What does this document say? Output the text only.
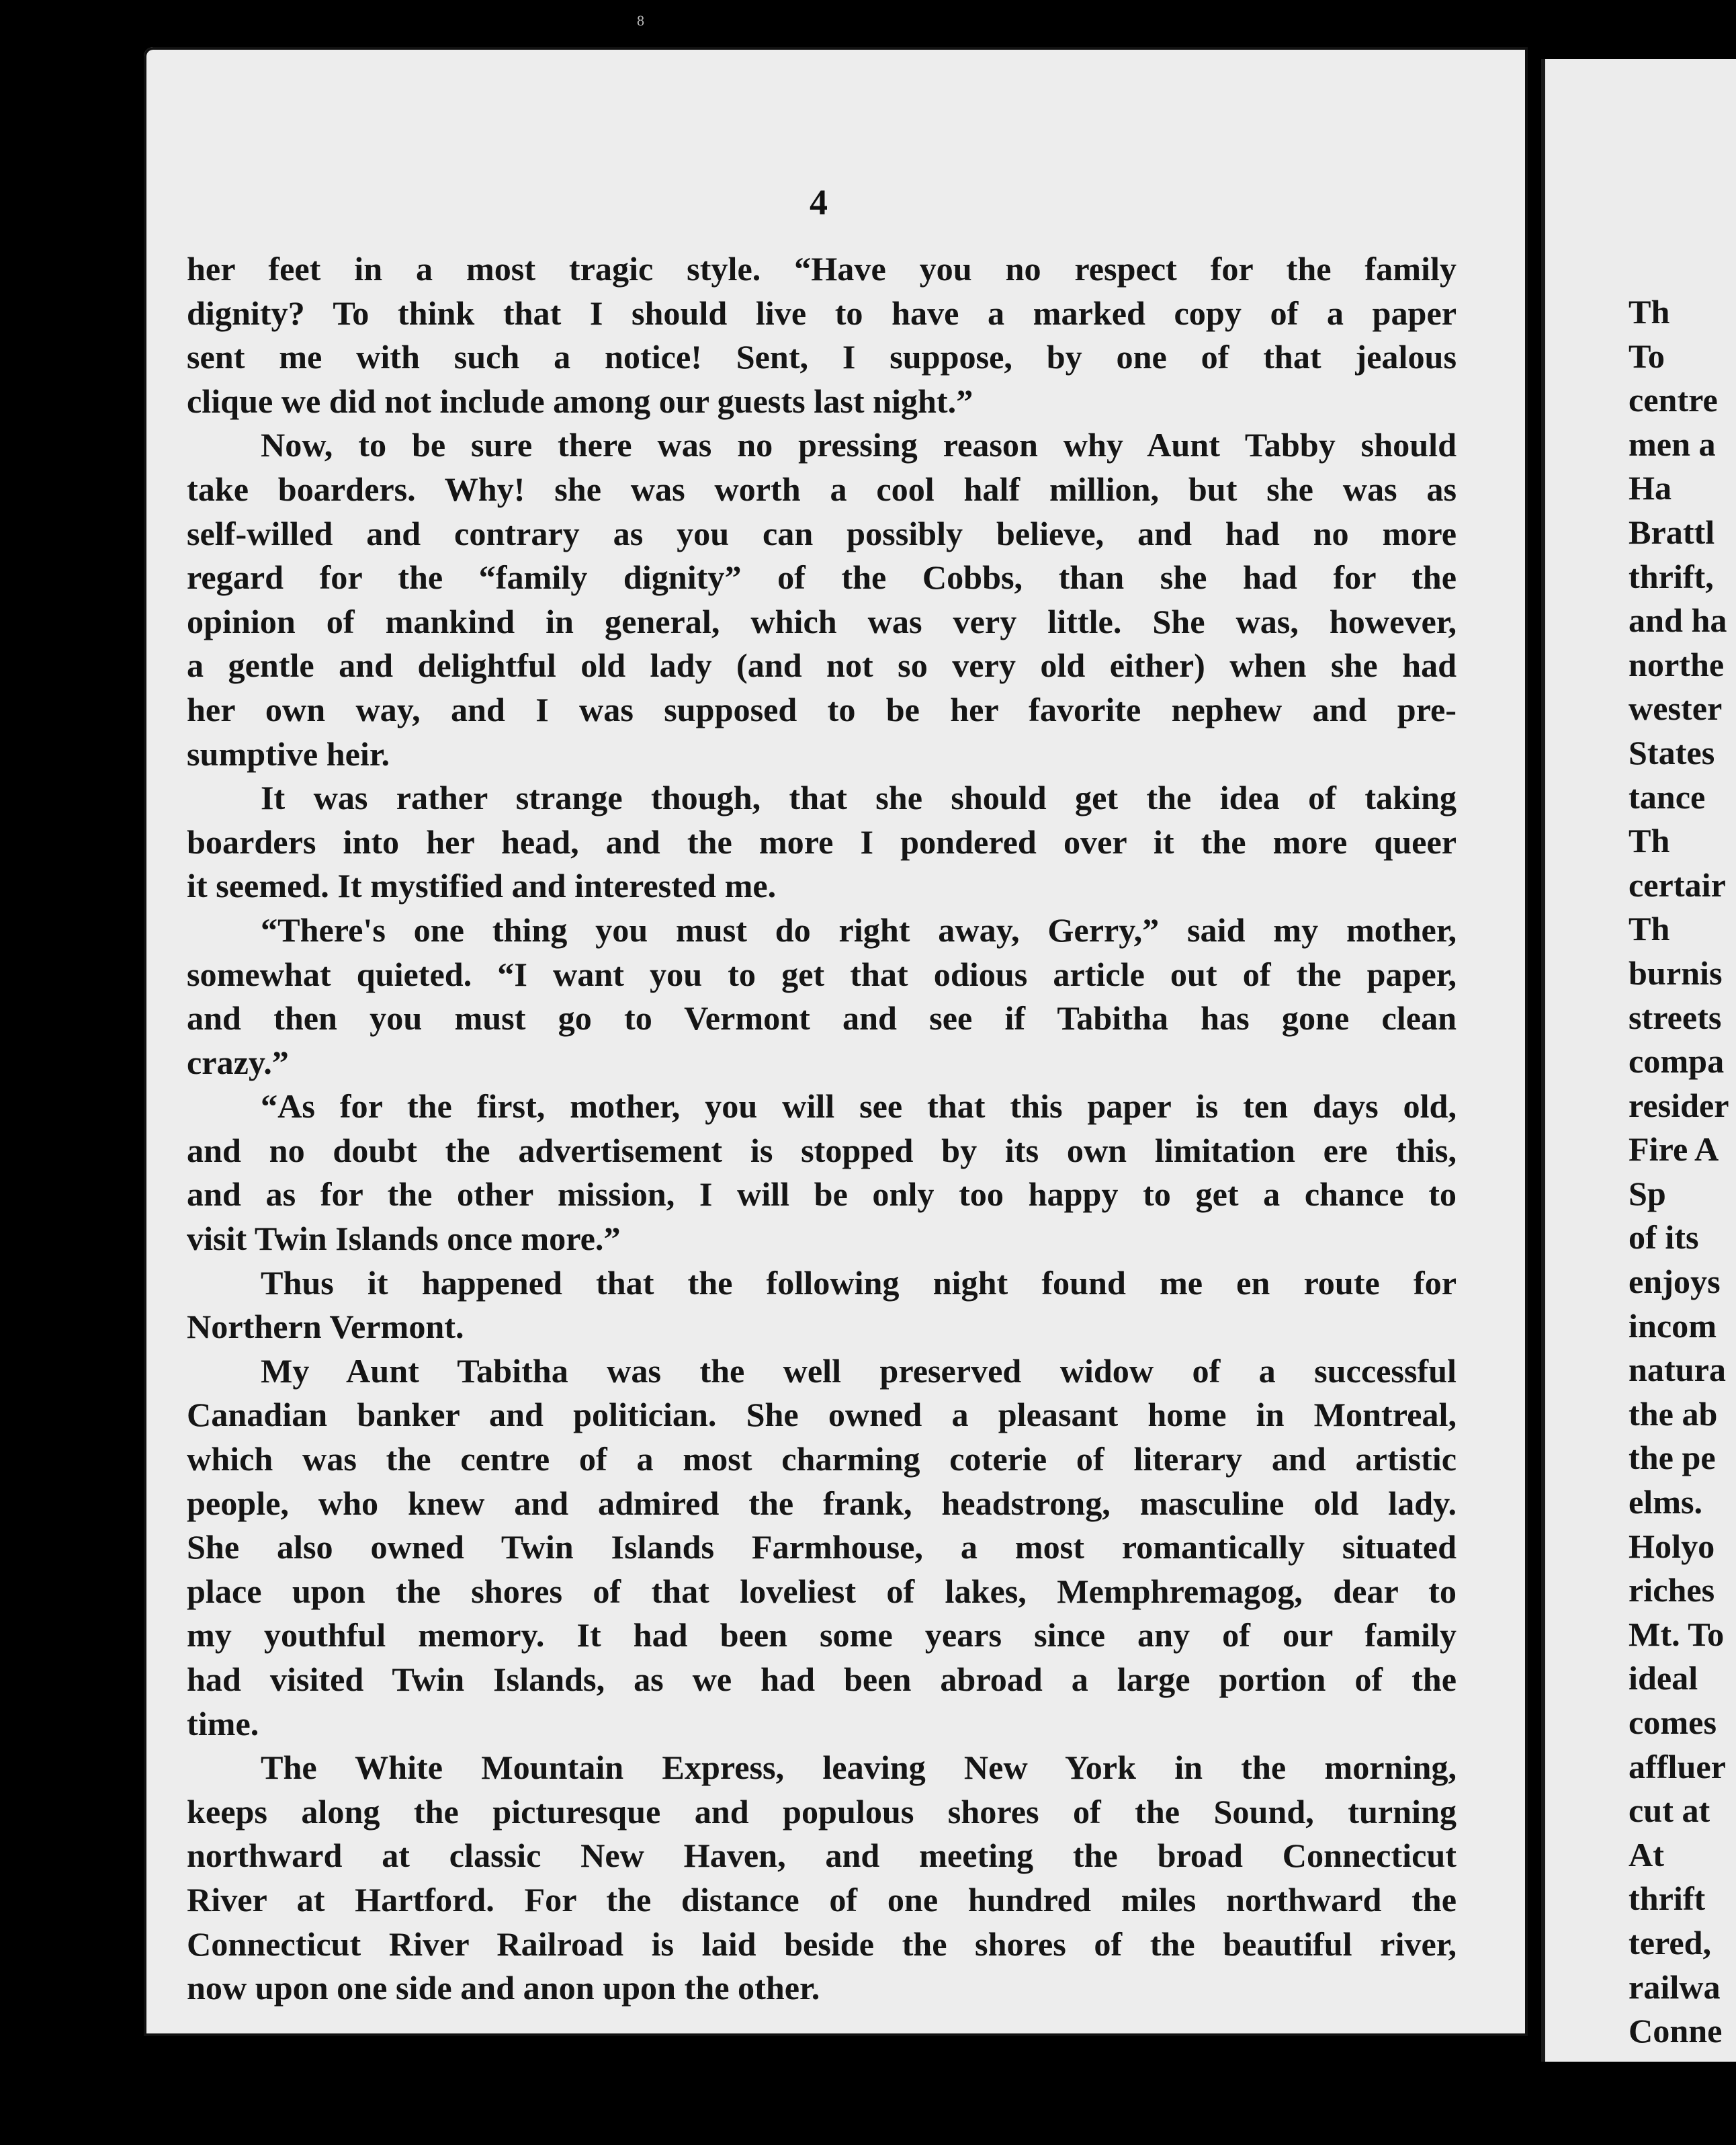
8
4
her feet in a most tragic style. “Have you no respect for the family
dignity? To think that I should live to have a marked copy of a paper
sent me with such a notice! Sent, I suppose, by one of that jealous
clique we did not include among our guests last night.”
Now, to be sure there was no pressing reason why Aunt Tabby should
take boarders. Why! she was worth a cool half million, but she was as
self-willed and contrary as you can possibly believe, and had no more
regard for the “family dignity” of the Cobbs, than she had for the
opinion of mankind in general, which was very little. She was, however,
a gentle and delightful old lady (and not so very old either) when she had
her own way, and I was supposed to be her favorite nephew and pre-
sumptive heir.
It was rather strange though, that she should get the idea of taking
boarders into her head, and the more I pondered over it the more queer
it seemed. It mystified and interested me.
“There's one thing you must do right away, Gerry,” said my mother,
somewhat quieted. “I want you to get that odious article out of the paper,
and then you must go to Vermont and see if Tabitha has gone clean
crazy.”
“As for the first, mother, you will see that this paper is ten days old,
and no doubt the advertisement is stopped by its own limitation ere this,
and as for the other mission, I will be only too happy to get a chance to
visit Twin Islands once more.”
Thus it happened that the following night found me en route for
Northern Vermont.
My Aunt Tabitha was the well preserved widow of a successful
Canadian banker and politician. She owned a pleasant home in Montreal,
which was the centre of a most charming coterie of literary and artistic
people, who knew and admired the frank, headstrong, masculine old lady.
She also owned Twin Islands Farmhouse, a most romantically situated
place upon the shores of that loveliest of lakes, Memphremagog, dear to
my youthful memory. It had been some years since any of our family
had visited Twin Islands, as we had been abroad a large portion of the
time.
The White Mountain Express, leaving New York in the morning,
keeps along the picturesque and populous shores of the Sound, turning
northward at classic New Haven, and meeting the broad Connecticut
River at Hartford. For the distance of one hundred miles northward the
Connecticut River Railroad is laid beside the shores of the beautiful river,
now upon one side and anon upon the other.
Th
To
centre
men a
Ha
Brattl
thrift,
and ha
northe
wester
States
tance
Th
certair
Th
burnis
streets
compa
resider
Fire A
Sp
of its
enjoys
incom
natura
the ab
the pe
elms.
Holyo
riches
Mt. To
ideal
comes
affluer
cut at
At
thrift
tered,
railwa
Conne
